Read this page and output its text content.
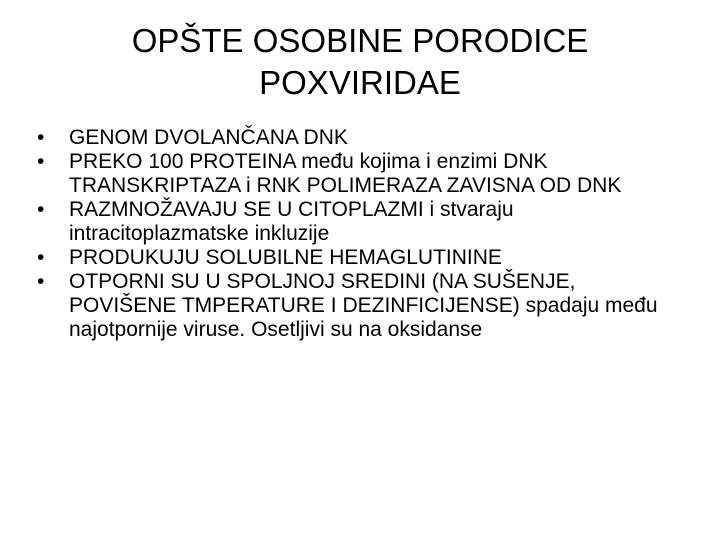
OPŠTE OSOBINE PORODICE
POXVIRIDAE
•	GENOM DVOLANČANA DNK
•	PREKO 100 PROTEINA među kojima i enzimi DNK TRANSKRIPTAZA i RNK POLIMERAZA ZAVISNA OD DNK
•	RAZMNOŽAVAJU SE U CITOPLAZMI i stvaraju intracitoplazmatske inkluzije
•	PRODUKUJU SOLUBILNE HEMAGLUTININE
•	OTPORNI SU U SPOLJNOJ SREDINI (NA SUŠENJE, POVIŠENE TMPERATURE I DEZINFICIJENSE) spadaju među najotpornije viruse. Osetljivi su na oksidanse
